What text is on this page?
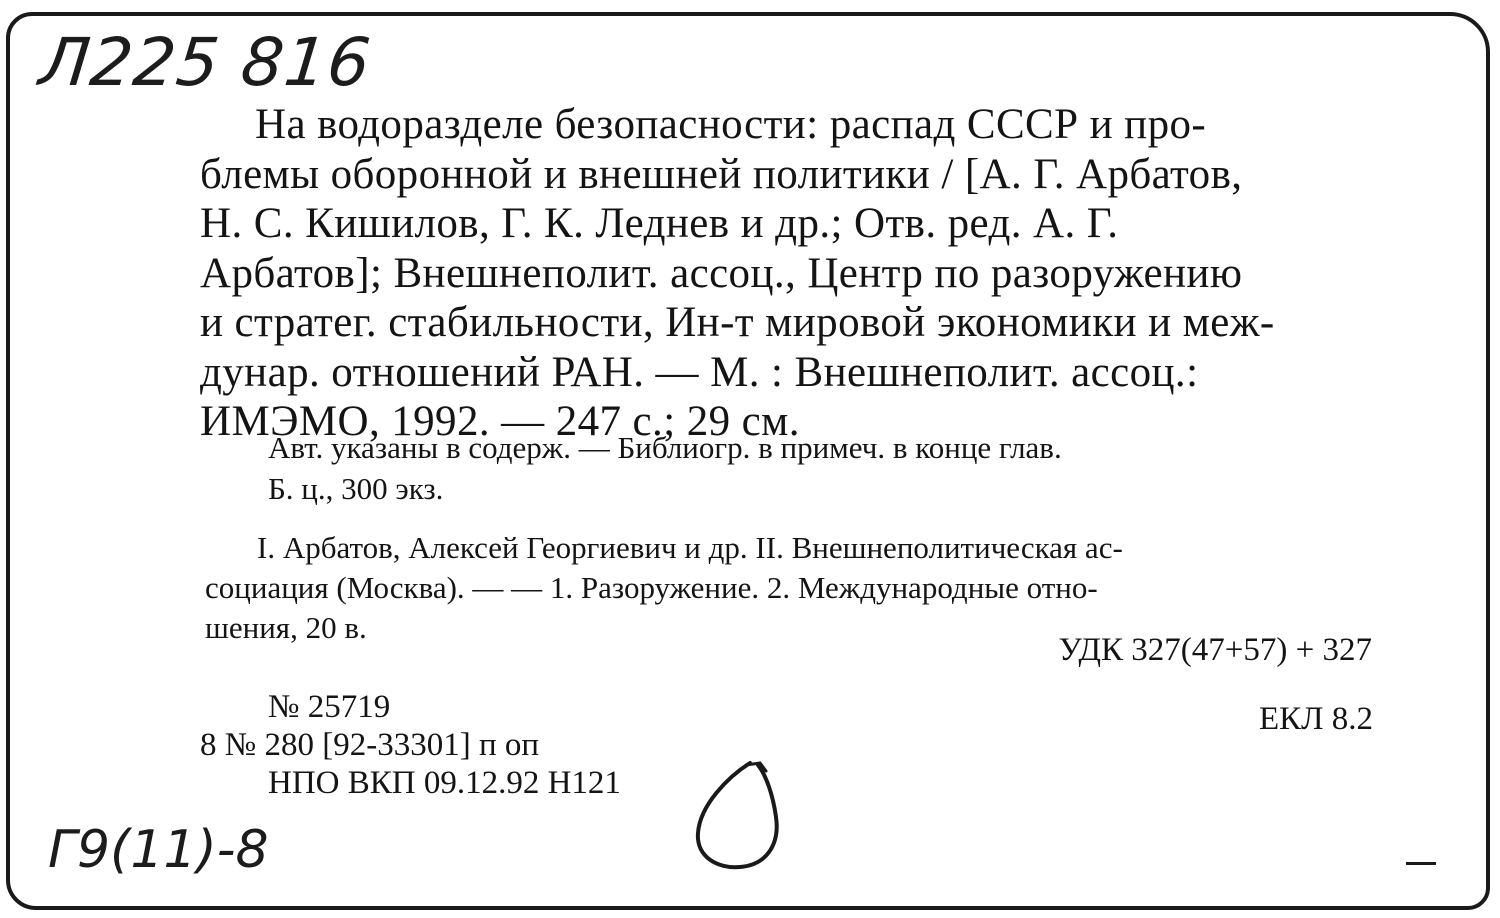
Л225 816
На водоразделе безопасности: распад СССР и про-
блемы оборонной и внешней политики / [А. Г. Арбатов,
Н. С. Кишилов, Г. К. Леднев и др.; Отв. ред. А. Г.
Арбатов]; Внешнеполит. ассоц., Центр по разоружению
и стратег. стабильности, Ин-т мировой экономики и меж-
дунар. отношений РАН. — М. : Внешнеполит. ассоц.:
ИМЭМО, 1992. — 247 с.; 29 см.
Авт. указаны в содерж. — Библиогр. в примеч. в конце глав.
Б. ц., 300 экз.
I. Арбатов, Алексей Георгиевич и др. II. Внешнеполитическая ас-
социация (Москва). — — 1. Разоружение. 2. Международные отно-
шения, 20 в.
УДК 327(47+57) + 327
ЕКЛ 8.2
№ 25719
8 № 280 [92-33301] п оп
НПО ВКП 09.12.92 Н121
Г9(11)-8
